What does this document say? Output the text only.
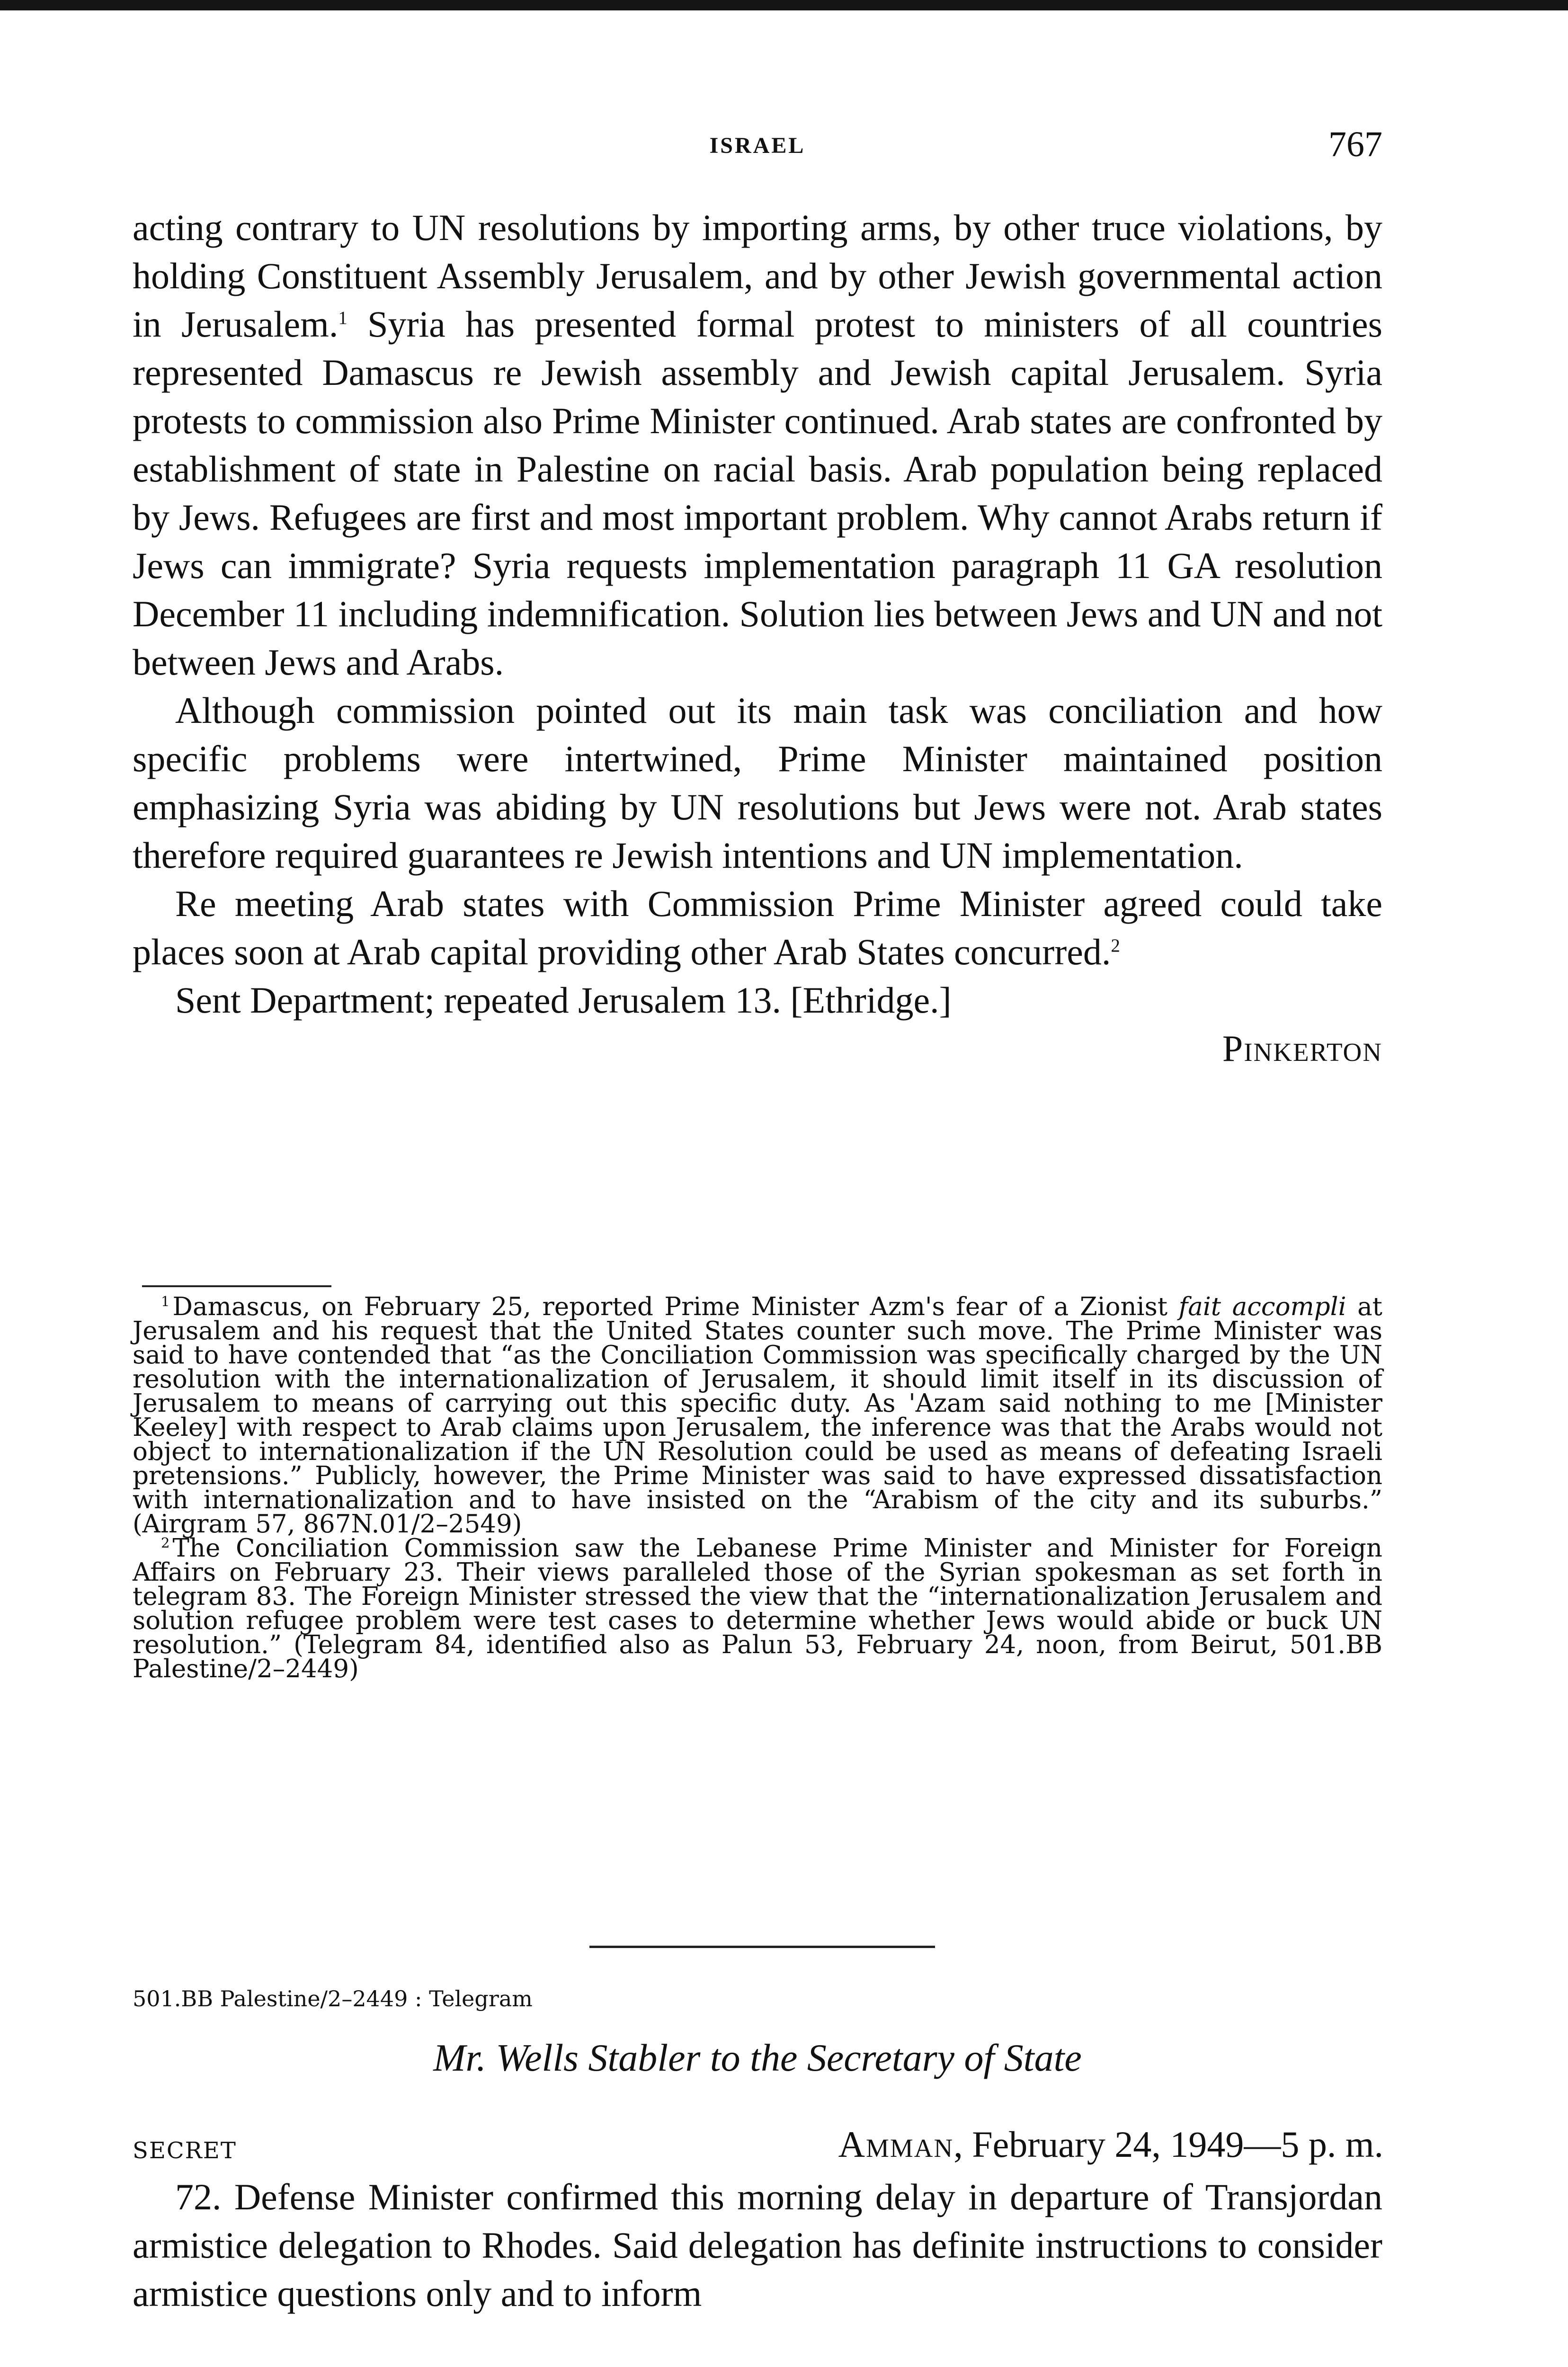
ISRAEL	767

acting contrary to UN resolutions by importing arms, by other truce violations, by holding Constituent Assembly Jerusalem, and by other Jewish governmental action in Jerusalem.$^1$ Syria has presented formal protest to ministers of all countries represented Damascus re Jewish assembly and Jewish capital Jerusalem. Syria protests to commission also Prime Minister continued. Arab states are confronted by establishment of state in Palestine on racial basis. Arab population being replaced by Jews. Refugees are first and most important problem. Why cannot Arabs return if Jews can immigrate? Syria requests implementation paragraph 11 GA resolution December 11 including indemnification. Solution lies between Jews and UN and not between Jews and Arabs.

Although commission pointed out its main task was conciliation and how specific problems were intertwined, Prime Minister maintained position emphasizing Syria was abiding by UN resolutions but Jews were not. Arab states therefore required guarantees re Jewish intentions and UN implementation.

Re meeting Arab states with Commission Prime Minister agreed could take places soon at Arab capital providing other Arab States concurred.$^2$

Sent Department; repeated Jerusalem 13. [Ethridge.]

Pinkerton

$^1$ Damascus, on February 25, reported Prime Minister Azm's fear of a Zionist fait accompli at Jerusalem and his request that the United States counter such move. The Prime Minister was said to have contended that “as the Conciliation Commission was specifically charged by the UN resolution with the internationalization of Jerusalem, it should limit itself in its discussion of Jerusalem to means of carrying out this specific duty. As 'Azam said nothing to me [Minister Keeley] with respect to Arab claims upon Jerusalem, the inference was that the Arabs would not object to internationalization if the UN Resolution could be used as means of defeating Israeli pretensions.” Publicly, however, the Prime Minister was said to have expressed dissatisfaction with internationalization and to have insisted on the “Arabism of the city and its suburbs.” (Airgram 57, 867N.01/2–2549)

$^2$ The Conciliation Commission saw the Lebanese Prime Minister and Minister for Foreign Affairs on February 23. Their views paralleled those of the Syrian spokesman as set forth in telegram 83. The Foreign Minister stressed the view that the “internationalization Jerusalem and solution refugee problem were test cases to determine whether Jews would abide or buck UN resolution.” (Telegram 84, identified also as Palun 53, February 24, noon, from Beirut, 501.BB Palestine/2–2449)

501.BB Palestine/2–2449 : Telegram
Mr. Wells Stabler to the Secretary of State
SECRET	Amman, February 24, 1949—5 p. m.

72. Defense Minister confirmed this morning delay in departure of Transjordan armistice delegation to Rhodes. Said delegation has definite instructions to consider armistice questions only and to inform
